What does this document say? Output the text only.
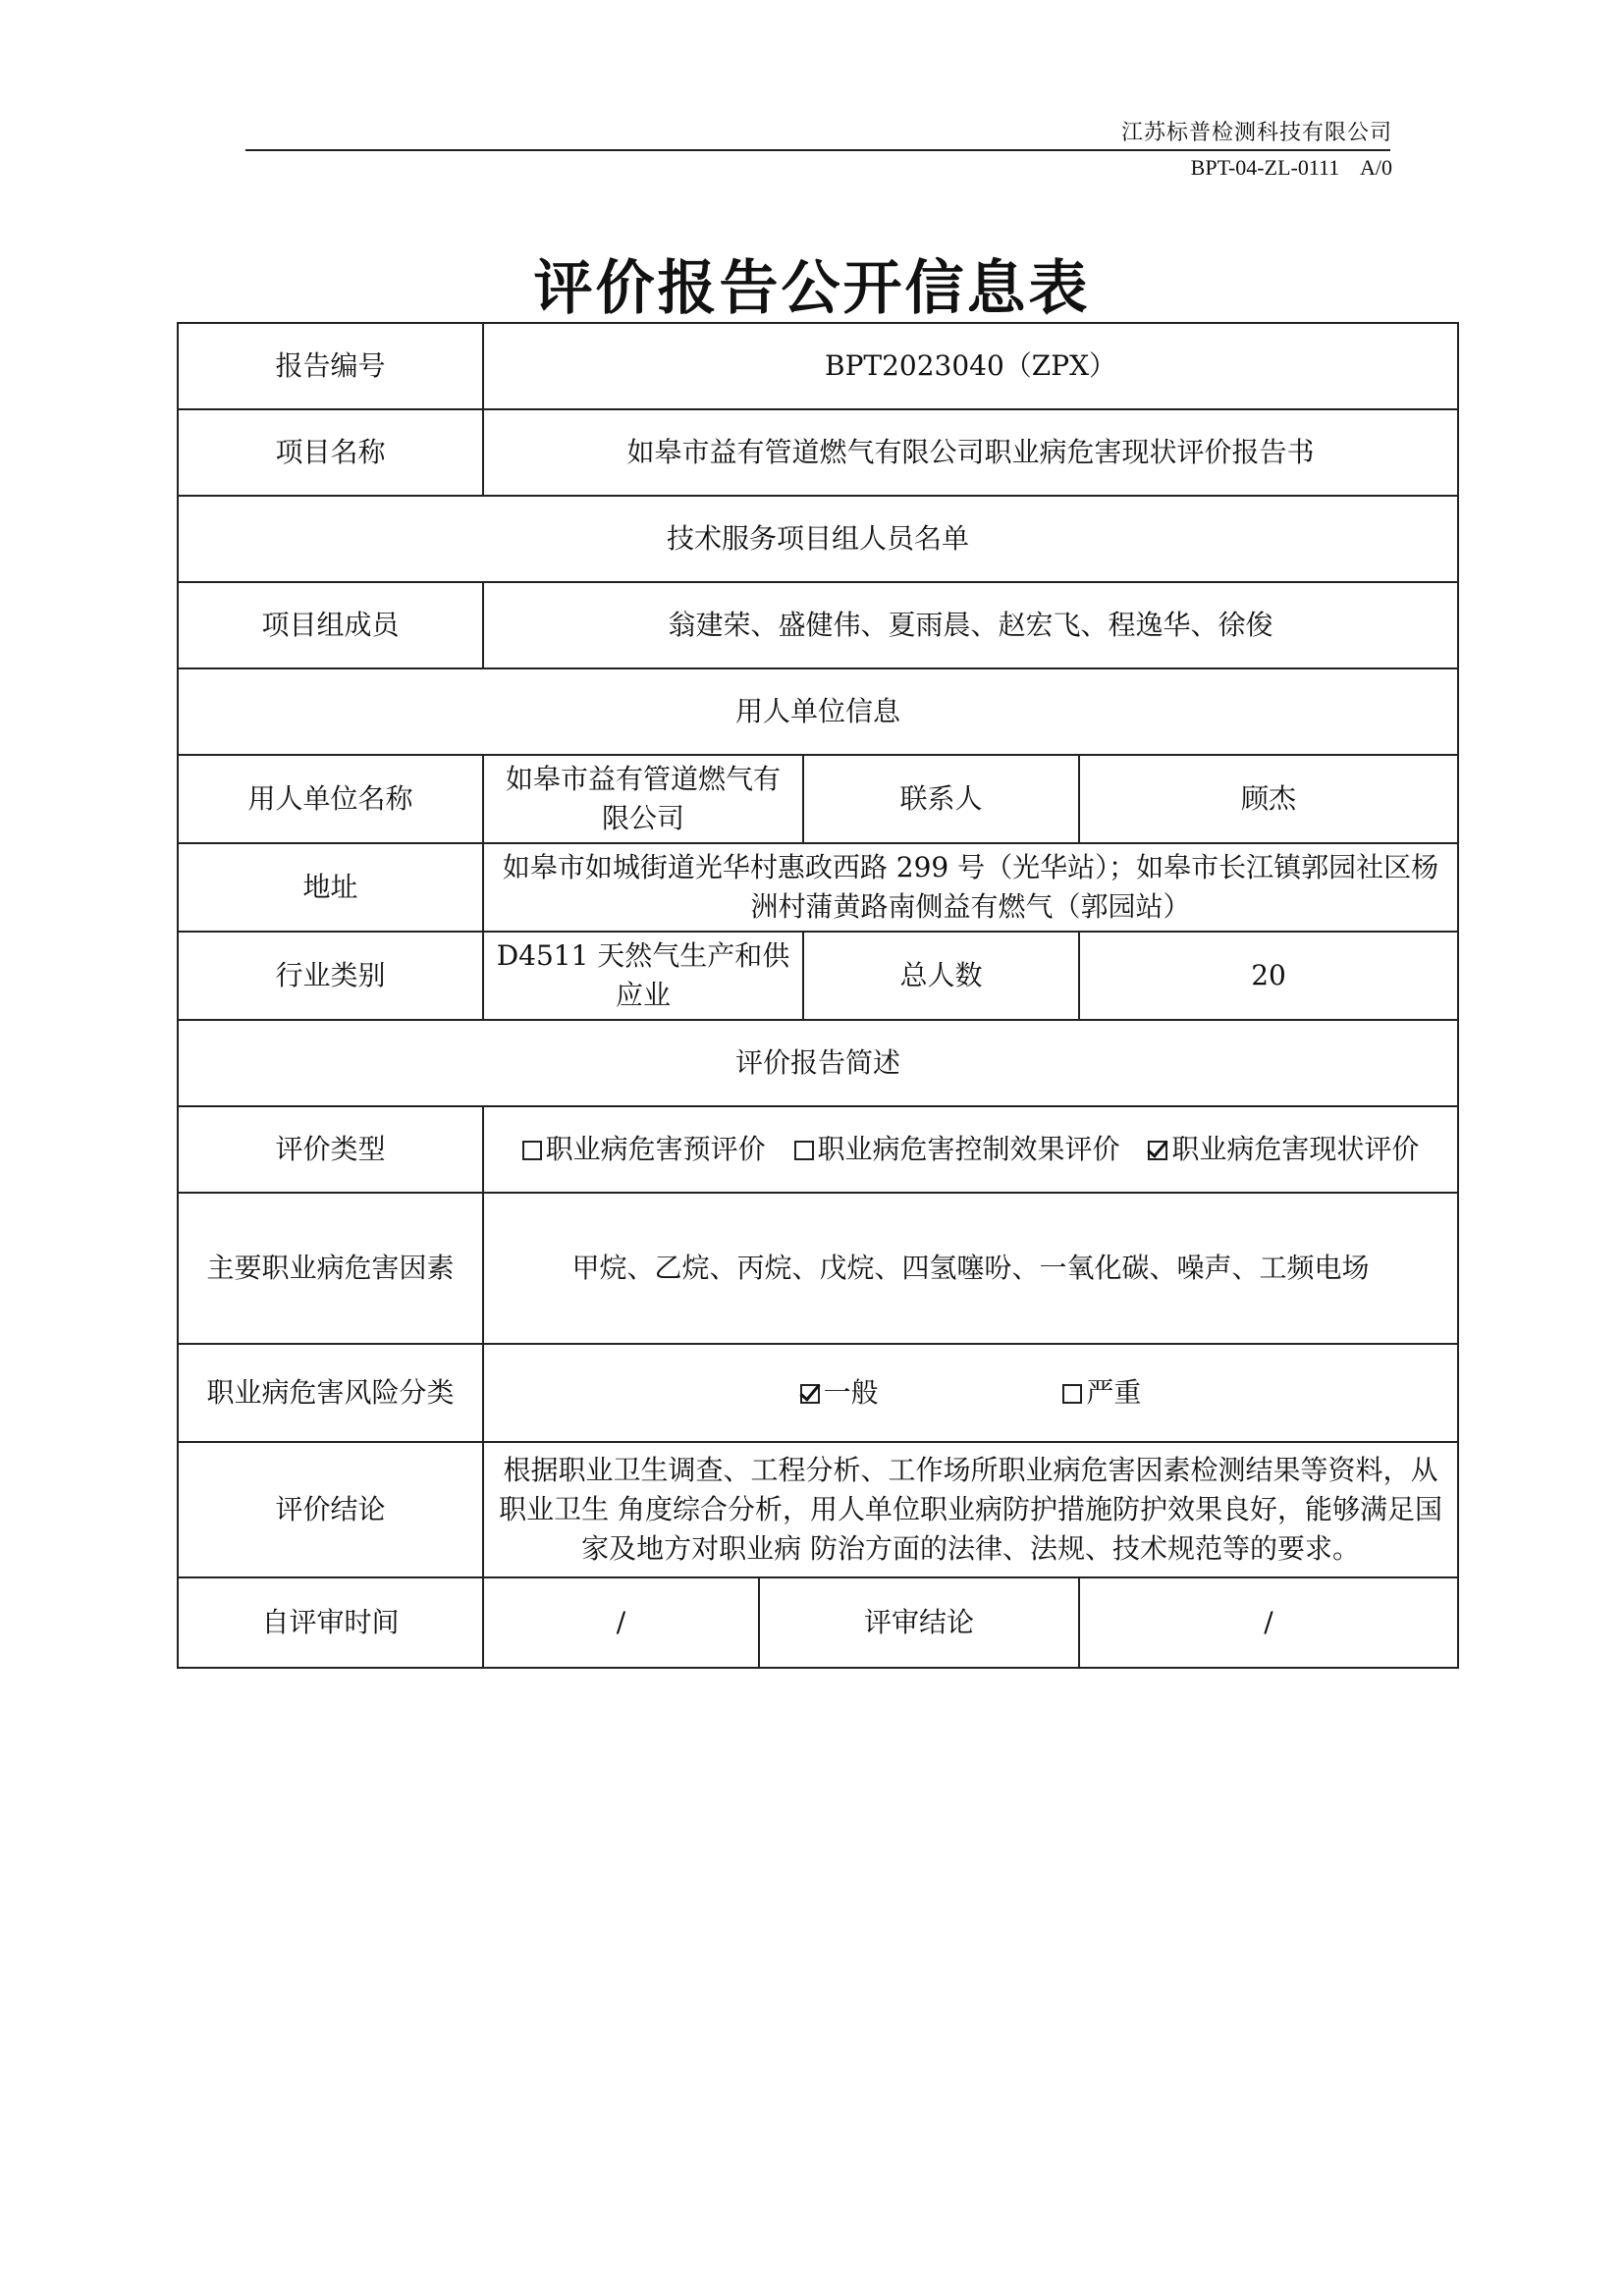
江苏标普检测科技有限公司
BPT-04-ZL-0111    A/0
评价报告公开信息表
报告编号	BPT2023040（ZPX）			
项目名称	如皋市益有管道燃气有限公司职业病危害现状评价报告书			
技术服务项目组人员名单				
项目组成员	翁建荣、盛健伟、夏雨晨、赵宏飞、程逸华、徐俊			
用人单位信息				
用人单位名称	如皋市益有管道燃气有限公司		联系人	顾杰
地址	如皋市如城街道光华村惠政西路 299 号（光华站）；如皋市长江镇郭园社区杨洲村蒲黄路南侧益有燃气（郭园站）			
行业类别	D4511 天然气生产和供应业		总人数	20
评价报告简述				
评价类型	职业病危害预评价 职业病危害控制效果评价 职业病危害现状评价			
主要职业病危害因素	甲烷、乙烷、丙烷、戊烷、四氢噻吩、一氧化碳、噪声、工频电场			
职业病危害风险分类	一般 严重			
评价结论	根据职业卫生调查、工程分析、工作场所职业病危害因素检测结果等资料，从职业卫生 角度综合分析，用人单位职业病防护措施防护效果良好，能够满足国家及地方对职业病 防治方面的法律、法规、技术规范等的要求。			
自评审时间	/	评审结论		/
